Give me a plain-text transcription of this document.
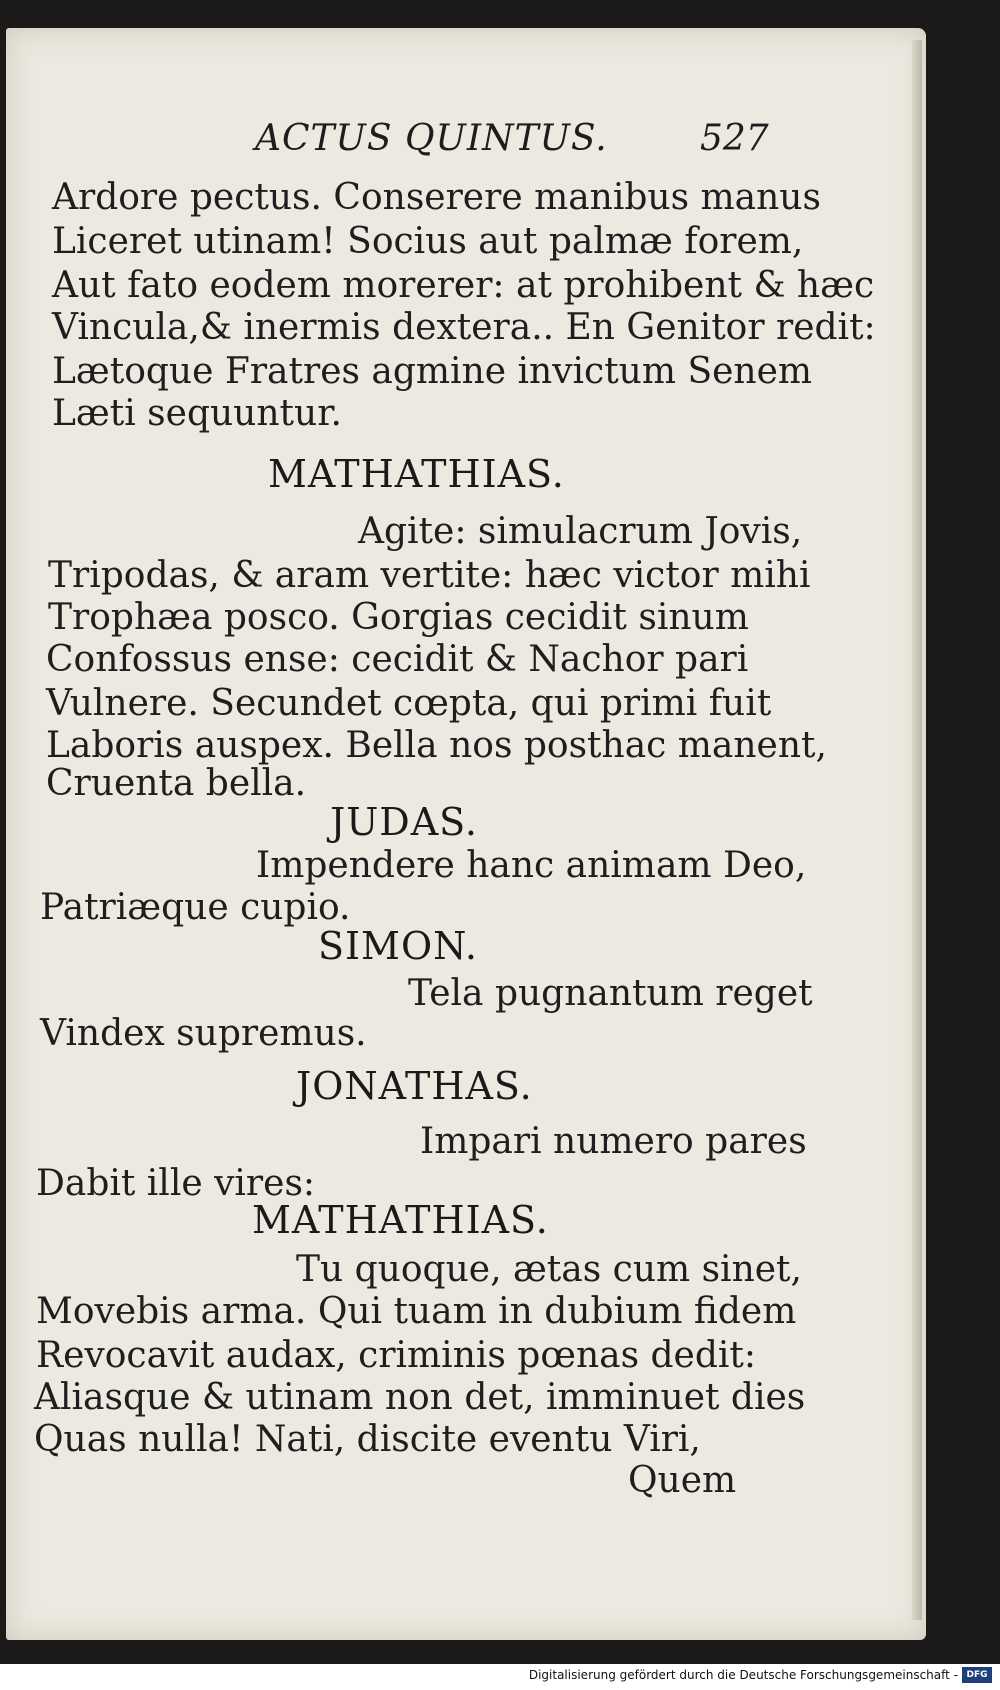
ACTUS QUINTUS.	527
Ardore pectus. Conserere manibus manus
Liceret utinam! Socius aut palmæ forem,
Aut fato eodem morerer: at prohibent & hæc
Vincula,& inermis dextera.. En Genitor redit:
Lætoque Fratres agmine invictum Senem
Læti sequuntur.
MATHATHIAS.
Agite: simulacrum Jovis,
Tripodas, & aram vertite: hæc victor mihi
Trophæa posco. Gorgias cecidit sinum
Confossus ense: cecidit & Nachor pari
Vulnere. Secundet cœpta, qui primi fuit
Laboris auspex. Bella nos posthac manent,
Cruenta bella.
JUDAS.
Impendere hanc animam Deo,
Patriæque cupio.
SIMON.
Tela pugnantum reget
Vindex supremus.
JONATHAS.
Impari numero pares
Dabit ille vires:
MATHATHIAS.
Tu quoque, ætas cum sinet,
Movebis arma. Qui tuam in dubium fidem
Revocavit audax, criminis pœnas dedit:
Aliasque & utinam non det, imminuet dies
Quas nulla! Nati, discite eventu Viri,
Quem
Digitalisierung gefördert durch die Deutsche Forschungsgemeinschaft - DFG
